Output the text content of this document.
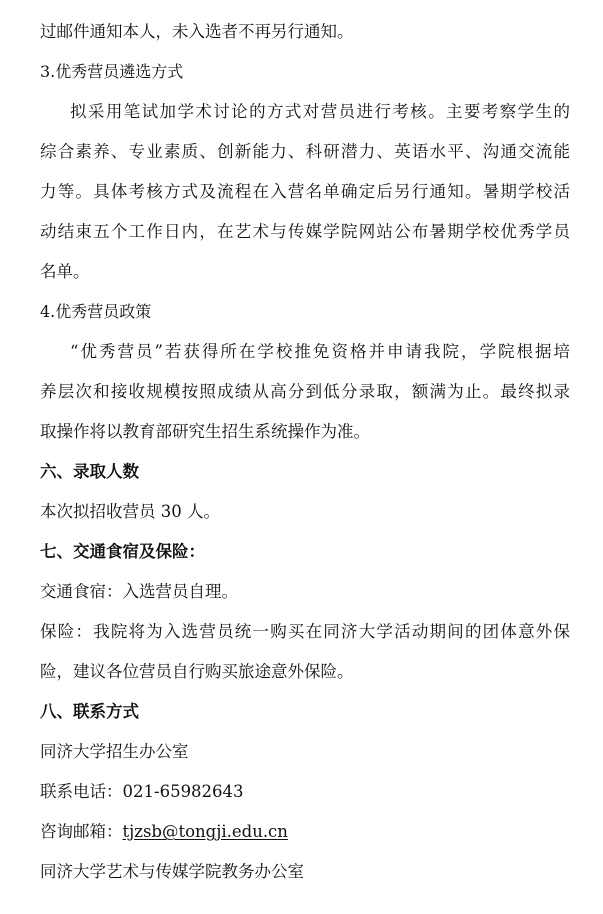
过邮件通知本人，未入选者不再另行通知。
3.优秀营员遴选方式
拟采用笔试加学术讨论的方式对营员进行考核。主要考察学生的
综合素养、专业素质、创新能力、科研潜力、英语水平、沟通交流能
力等。具体考核方式及流程在入营名单确定后另行通知。暑期学校活
动结束五个工作日内，在艺术与传媒学院网站公布暑期学校优秀学员
名单。
4.优秀营员政策
“优秀营员”若获得所在学校推免资格并申请我院，学院根据培
养层次和接收规模按照成绩从高分到低分录取，额满为止。最终拟录
取操作将以教育部研究生招生系统操作为准。
六、录取人数
本次拟招收营员 30 人。
七、交通食宿及保险：
交通食宿：入选营员自理。
保险：我院将为入选营员统一购买在同济大学活动期间的团体意外保
险，建议各位营员自行购买旅途意外保险。
八、联系方式
同济大学招生办公室
联系电话：021-65982643
咨询邮箱：tjzsb@tongji.edu.cn
同济大学艺术与传媒学院教务办公室
